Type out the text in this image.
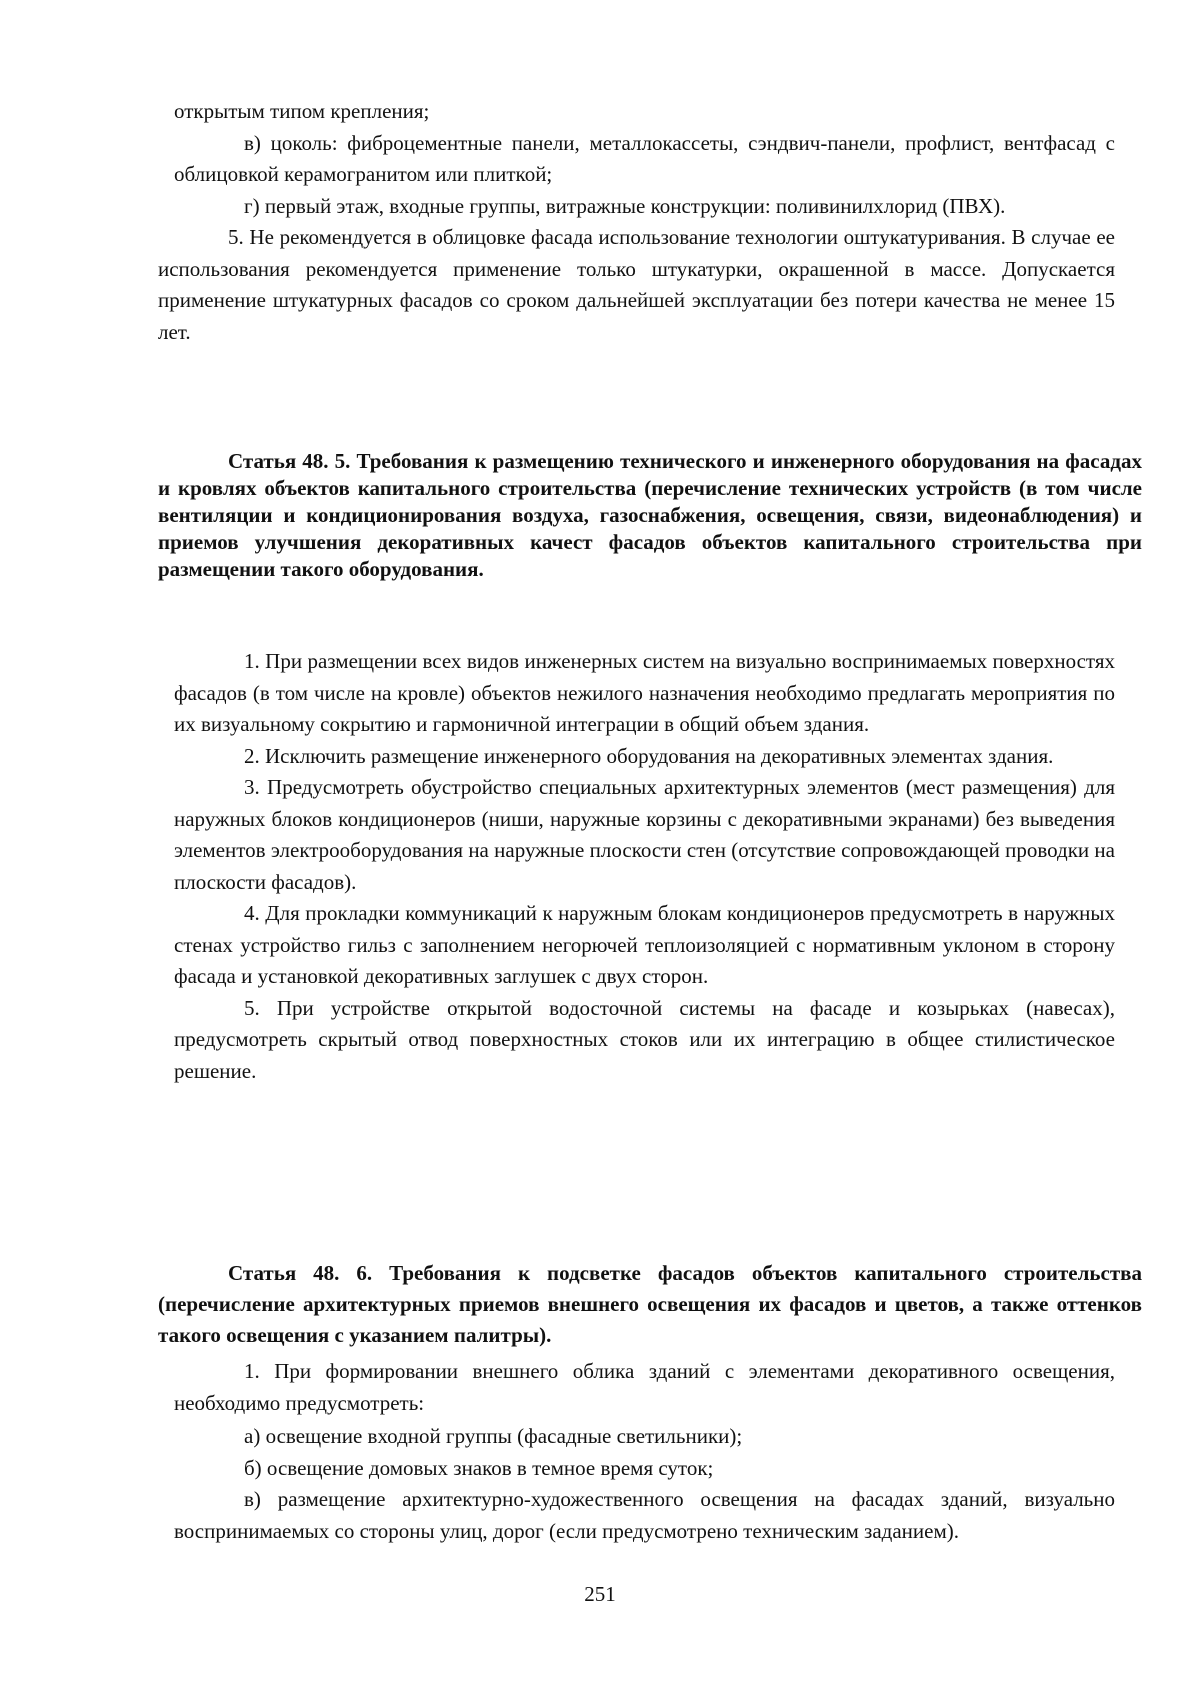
открытым типом крепления;

в) цоколь: фиброцементные панели, металлокассеты, сэндвич-панели, профлист, вентфасад с облицовкой керамогранитом или плиткой;

г) первый этаж, входные группы, витражные конструкции: поливинилхлорид (ПВХ).

5. Не рекомендуется в облицовке фасада использование технологии оштукатуривания. В случае ее использования рекомендуется применение только штукатурки, окрашенной в массе. Допускается применение штукатурных фасадов со сроком дальнейшей эксплуатации без потери качества не менее 15 лет.

Статья 48. 5. Требования к размещению технического и инженерного оборудования на фасадах и кровлях объектов капитального строительства (перечисление технических устройств (в том числе вентиляции и кондиционирования воздуха, газоснабжения, освещения, связи, видеонаблюдения) и приемов улучшения декоративных качест фасадов объектов капитального строительства при размещении такого оборудования.

1. При размещении всех видов инженерных систем на визуально воспринимаемых поверхностях фасадов (в том числе на кровле) объектов нежилого назначения необходимо предлагать мероприятия по их визуальному сокрытию и гармоничной интеграции в общий объем здания.

2. Исключить размещение инженерного оборудования на декоративных элементах здания.

3. Предусмотреть обустройство специальных архитектурных элементов (мест размещения) для наружных блоков кондиционеров (ниши, наружные корзины с декоративными экранами) без выведения элементов электрооборудования на наружные плоскости стен (отсутствие сопровождающей проводки на плоскости фасадов).

4. Для прокладки коммуникаций к наружным блокам кондиционеров предусмотреть в наружных стенах устройство гильз с заполнением негорючей теплоизоляцией с нормативным уклоном в сторону фасада и установкой декоративных заглушек с двух сторон.

5. При устройстве открытой водосточной системы на фасаде и козырьках (навесах), предусмотреть скрытый отвод поверхностных стоков или их интеграцию в общее стилистическое решение.

Статья 48. 6. Требования к подсветке фасадов объектов капитального строительства (перечисление архитектурных приемов внешнего освещения их фасадов и цветов, а также оттенков такого освещения с указанием палитры).

1. При формировании внешнего облика зданий с элементами декоративного освещения, необходимо предусмотреть:

а) освещение входной группы (фасадные светильники);

б) освещение домовых знаков в темное время суток;

в) размещение архитектурно-художественного освещения на фасадах зданий, визуально воспринимаемых со стороны улиц, дорог (если предусмотрено техническим заданием).

251
